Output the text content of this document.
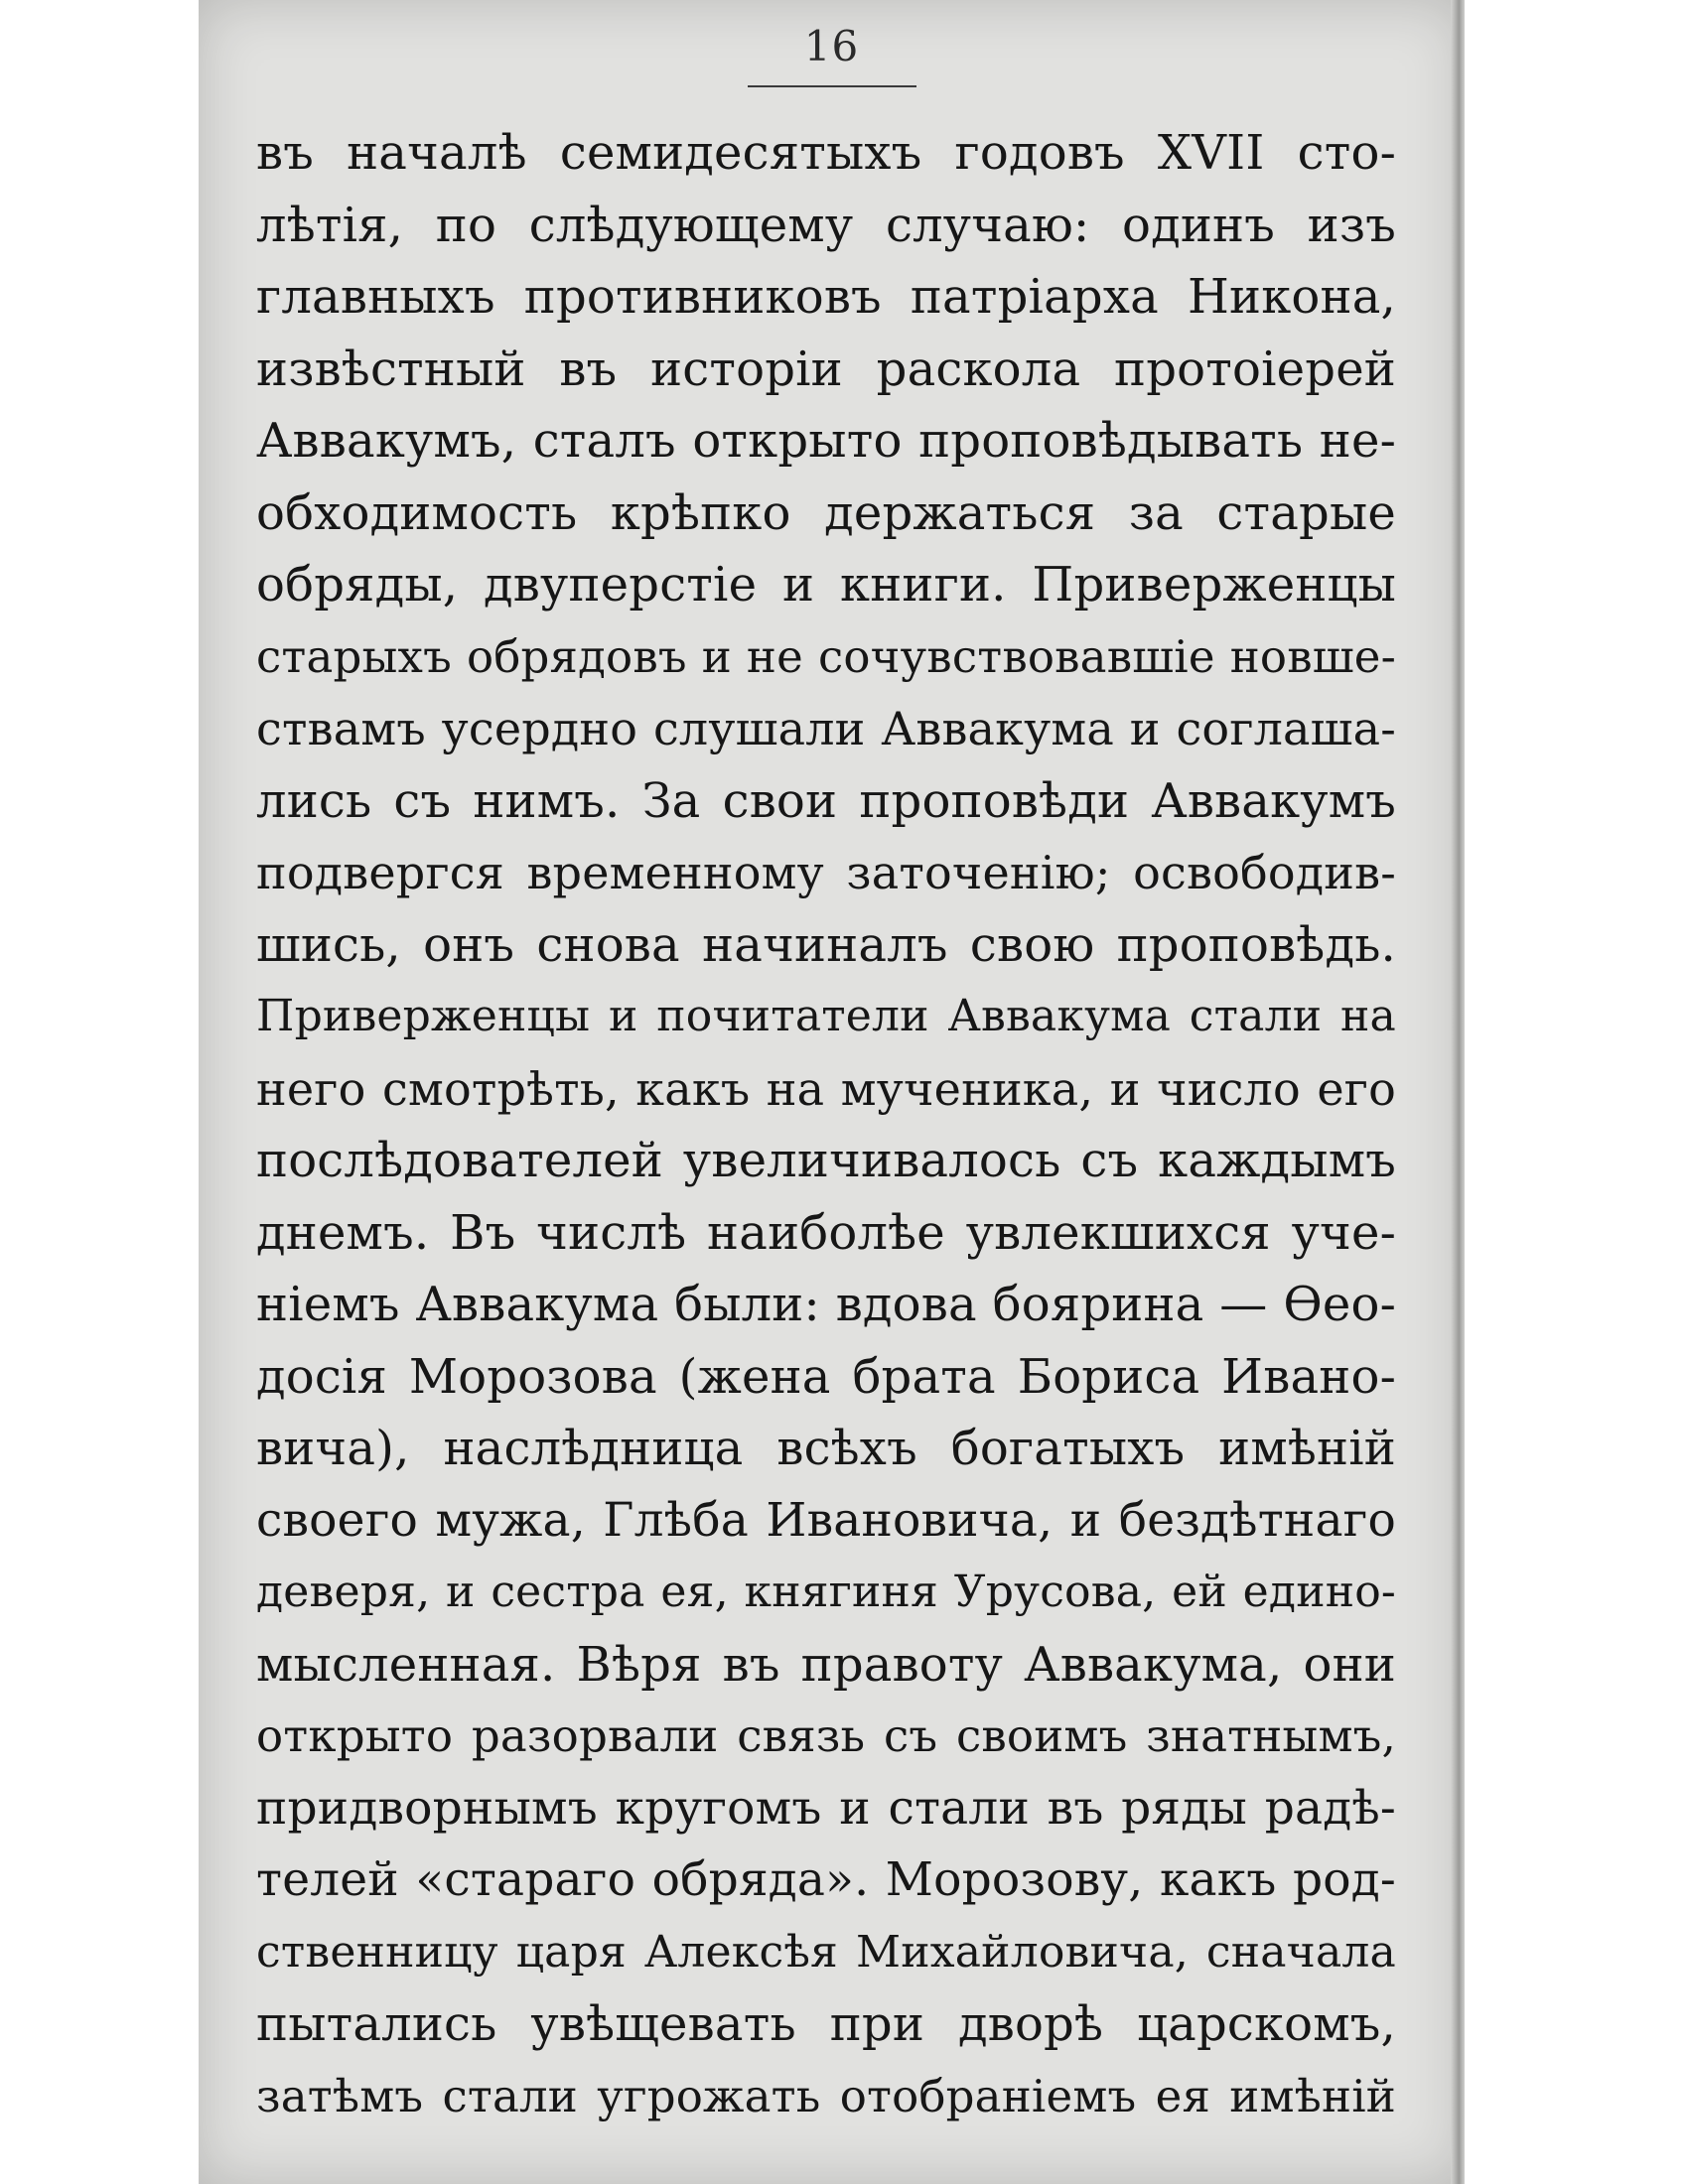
16
въ началѣ семидесятыхъ годовъ XVII сто-
лѣтія, по слѣдующему случаю: одинъ изъ
главныхъ противниковъ патріарха Никона,
извѣстный въ исторіи раскола протоіерей
Аввакумъ, сталъ открыто проповѣдывать не-
обходимость крѣпко держаться за старые
обряды, двуперстіе и книги. Приверженцы
старыхъ обрядовъ и не сочувствовавшіе новше-
ствамъ усердно слушали Аввакума и соглаша-
лись съ нимъ. За свои проповѣди Аввакумъ
подвергся временному заточенію; освободив-
шись, онъ снова начиналъ свою проповѣдь.
Приверженцы и почитатели Аввакума стали на
него смотрѣть, какъ на мученика, и число его
послѣдователей увеличивалось съ каждымъ
днемъ. Въ числѣ наиболѣе увлекшихся уче-
ніемъ Аввакума были: вдова боярина — Ѳео-
досія Морозова (жена брата Бориса Ивано-
вича), наслѣдница всѣхъ богатыхъ имѣній
своего мужа, Глѣба Ивановича, и бездѣтнаго
деверя, и сестра ея, княгиня Урусова, ей едино-
мысленная. Вѣря въ правоту Аввакума, они
открыто разорвали связь съ своимъ знатнымъ,
придворнымъ кругомъ и стали въ ряды радѣ-
телей «стараго обряда». Морозову, какъ род-
ственницу царя Алексѣя Михайловича, сначала
пытались увѣщевать при дворѣ царскомъ,
затѣмъ стали угрожать отобраніемъ ея имѣній
